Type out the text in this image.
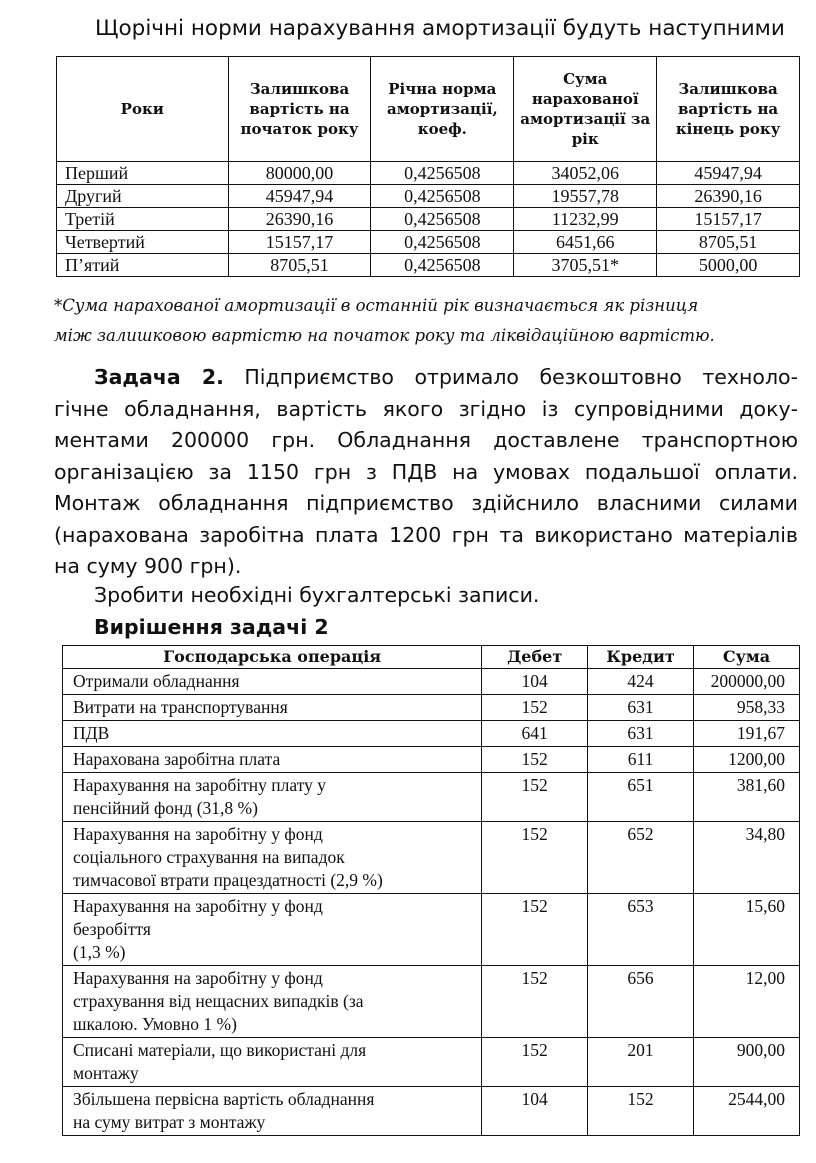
Щорічні норми нарахування амортизації будуть наступними
Роки	Залишкова вартість на початок року	Річна норма амортизації, коеф.	Сума нарахованої амортизації за рік	Залишкова вартість на кінець року
Перший	80000,00	0,4256508	34052,06	45947,94
Другий	45947,94	0,4256508	19557,78	26390,16
Третій	26390,16	0,4256508	11232,99	15157,17
Четвертий	15157,17	0,4256508	6451,66	8705,51
П’ятий	8705,51	0,4256508	3705,51*	5000,00
*Сума нарахованої амортизації в останній рік визначається як різниця
між залишковою вартістю на початок року та ліквідаційною вартістю.

Задача 2. Підприємство отримало безкоштовно техноло-

гічне обладнання, вартість якого згідно із супровідними доку-

ментами 200000 грн. Обладнання доставлене транспортною

організацією за 1150 грн з ПДВ на умовах подальшої оплати.

Монтаж обладнання підприємство здійснило власними силами

(нарахована заробітна плата 1200 грн та використано матеріалів

на суму 900 грн).

Зробити необхідні бухгалтерські записи.
Вирішення задачі 2
Господарська операція	Дебет	Кредит	Сума

Отримали обладнання	104	424	200000,00

Витрати на транспортування	152	631	958,33

ПДВ	641	631	191,67

Нарахована заробітна плата	152	611	1200,00

Нарахування на заробітну плату у
пенсійний фонд (31,8 %)	152	651	381,60

Нарахування на заробітну у фонд
соціального страхування на випадок
тимчасової втрати працездатності (2,9 %)	152	652	34,80

Нарахування на заробітну у фонд
безробіття
(1,3 %)	152	653	15,60

Нарахування на заробітну у фонд
страхування від нещасних випадків (за
шкалою. Умовно 1 %)	152	656	12,00

Списані матеріали, що використані для
монтажу	152	201	900,00

Збільшена первісна вартість обладнання
на суму витрат з монтажу	104	152	2544,00
